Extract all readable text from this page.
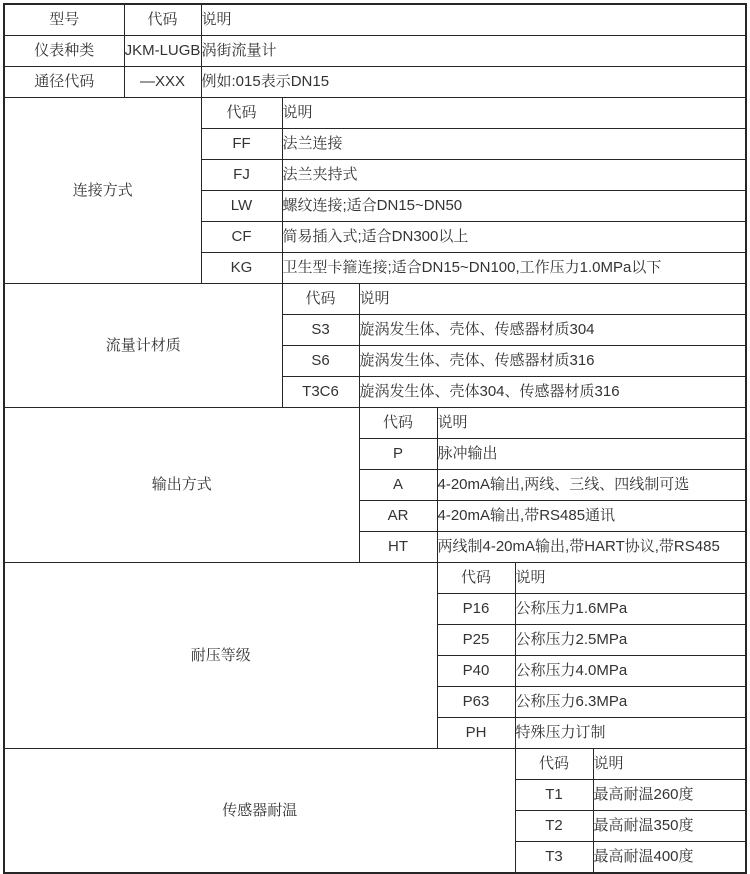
型号	代码	说明					
仪表种类	JKM-LUGB	涡街流量计					
通径代码	—XXX	例如:015表示DN15					
连接方式		代码	说明				
		FF	法兰连接				
		FJ	法兰夹持式				
		LW	螺纹连接;适合DN15~DN50				
		CF	简易插入式;适合DN300以上				
		KG	卫生型卡箍连接;适合DN15~DN100,工作压力1.0MPa以下				
流量计材质			代码	说明			
			S3	旋涡发生体、壳体、传感器材质304			
			S6	旋涡发生体、壳体、传感器材质316			
			T3C6	旋涡发生体、壳体304、传感器材质316			
输出方式				代码	说明		
				P	脉冲输出		
				A	4-20mA输出,两线、三线、四线制可选		
				AR	4-20mA输出,带RS485通讯		
				HT	两线制4-20mA输出,带HART协议,带RS485		
耐压等级					代码	说明	
					P16	公称压力1.6MPa	
					P25	公称压力2.5MPa	
					P40	公称压力4.0MPa	
					P63	公称压力6.3MPa	
					PH	特殊压力订制	
传感器耐温						代码	说明
						T1	最高耐温260度
						T2	最高耐温350度
						T3	最高耐温400度
